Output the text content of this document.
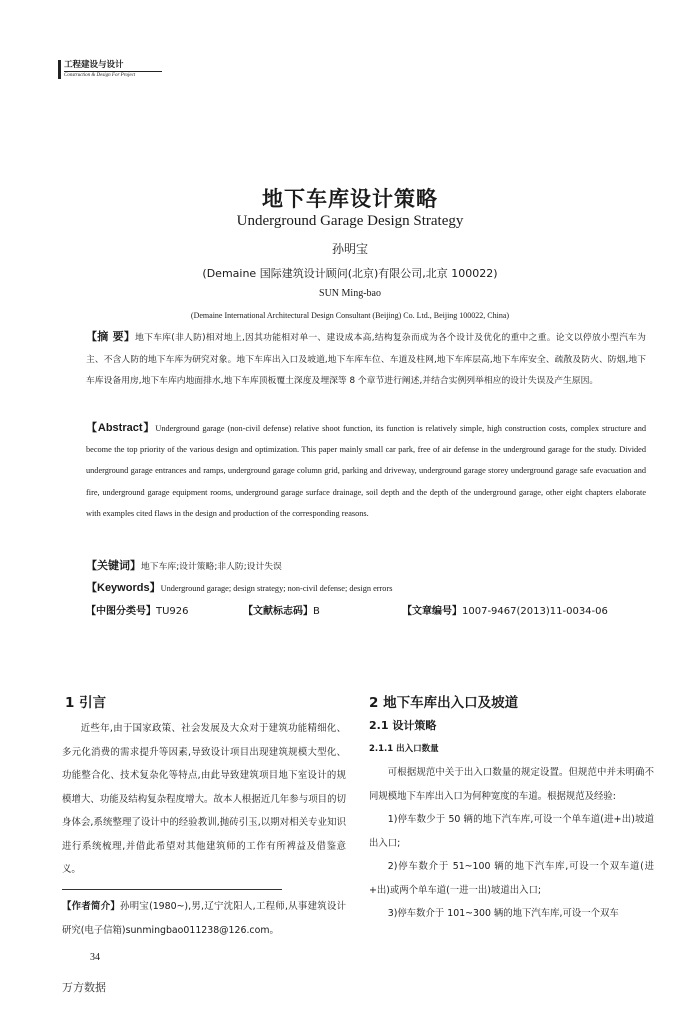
工程建设与设计
Construction & Design For Project
地下车库设计策略
Underground Garage Design Strategy
孙明宝
(Demaine 国际建筑设计顾问(北京)有限公司,北京 100022)
SUN Ming-bao
(Demaine International Architectural Design Consultant (Beijing) Co. Ltd., Beijing 100022, China)
【摘 要】地下车库(非人防)相对地上,因其功能相对单一、建设成本高,结构复杂而成为各个设计及优化的重中之重。论文以停放小型汽车为主、不含人防的地下车库为研究对象。地下车库出入口及坡道,地下车库车位、车道及柱网,地下车库层高,地下车库安全、疏散及防火、防烟,地下车库设备用房,地下车库内地面排水,地下车库顶板覆土深度及埋深等 8 个章节进行阐述,并结合实例列举相应的设计失误及产生原因。
【Abstract】Underground garage (non-civil defense) relative shoot function, its function is relatively simple, high construction costs, complex structure and become the top priority of the various design and optimization. This paper mainly small car park, free of air defense in the underground garage for the study. Divided underground garage entrances and ramps, underground garage column grid, parking and driveway, underground garage storey underground garage safe evacuation and fire, underground garage equipment rooms, underground garage surface drainage, soil depth and the depth of the underground garage, other eight chapters elaborate with examples cited flaws in the design and production of the corresponding reasons.
【关键词】地下车库;设计策略;非人防;设计失误
【Keywords】Underground garage; design strategy; non-civil defense; design errors
【中图分类号】TU926	【文献标志码】B	【文章编号】1007-9467(2013)11-0034-06
1 引言
近些年,由于国家政策、社会发展及大众对于建筑功能精细化、多元化消费的需求提升等因素,导致设计项目出现建筑规模大型化、功能整合化、技术复杂化等特点,由此导致建筑项目地下室设计的规模增大、功能及结构复杂程度增大。故本人根据近几年参与项目的切身体会,系统整理了设计中的经验教训,抛砖引玉,以期对相关专业知识进行系统梳理,并借此希望对其他建筑师的工作有所裨益及借鉴意义。
【作者简介】孙明宝(1980~),男,辽宁沈阳人,工程师,从事建筑设计研究(电子信箱)sunmingbao011238@126.com。
2 地下车库出入口及坡道
2.1 设计策略
2.1.1 出入口数量
可根据规范中关于出入口数量的规定设置。但规范中并未明确不同规模地下车库出入口为何种宽度的车道。根据规范及经验:
1)停车数少于 50 辆的地下汽车库,可设一个单车道(进+出)坡道出入口;
2)停车数介于 51~100 辆的地下汽车库,可设一个双车道(进+出)或两个单车道(一进一出)坡道出入口;
3)停车数介于 101~300 辆的地下汽车库,可设一个双车
34
万方数据
